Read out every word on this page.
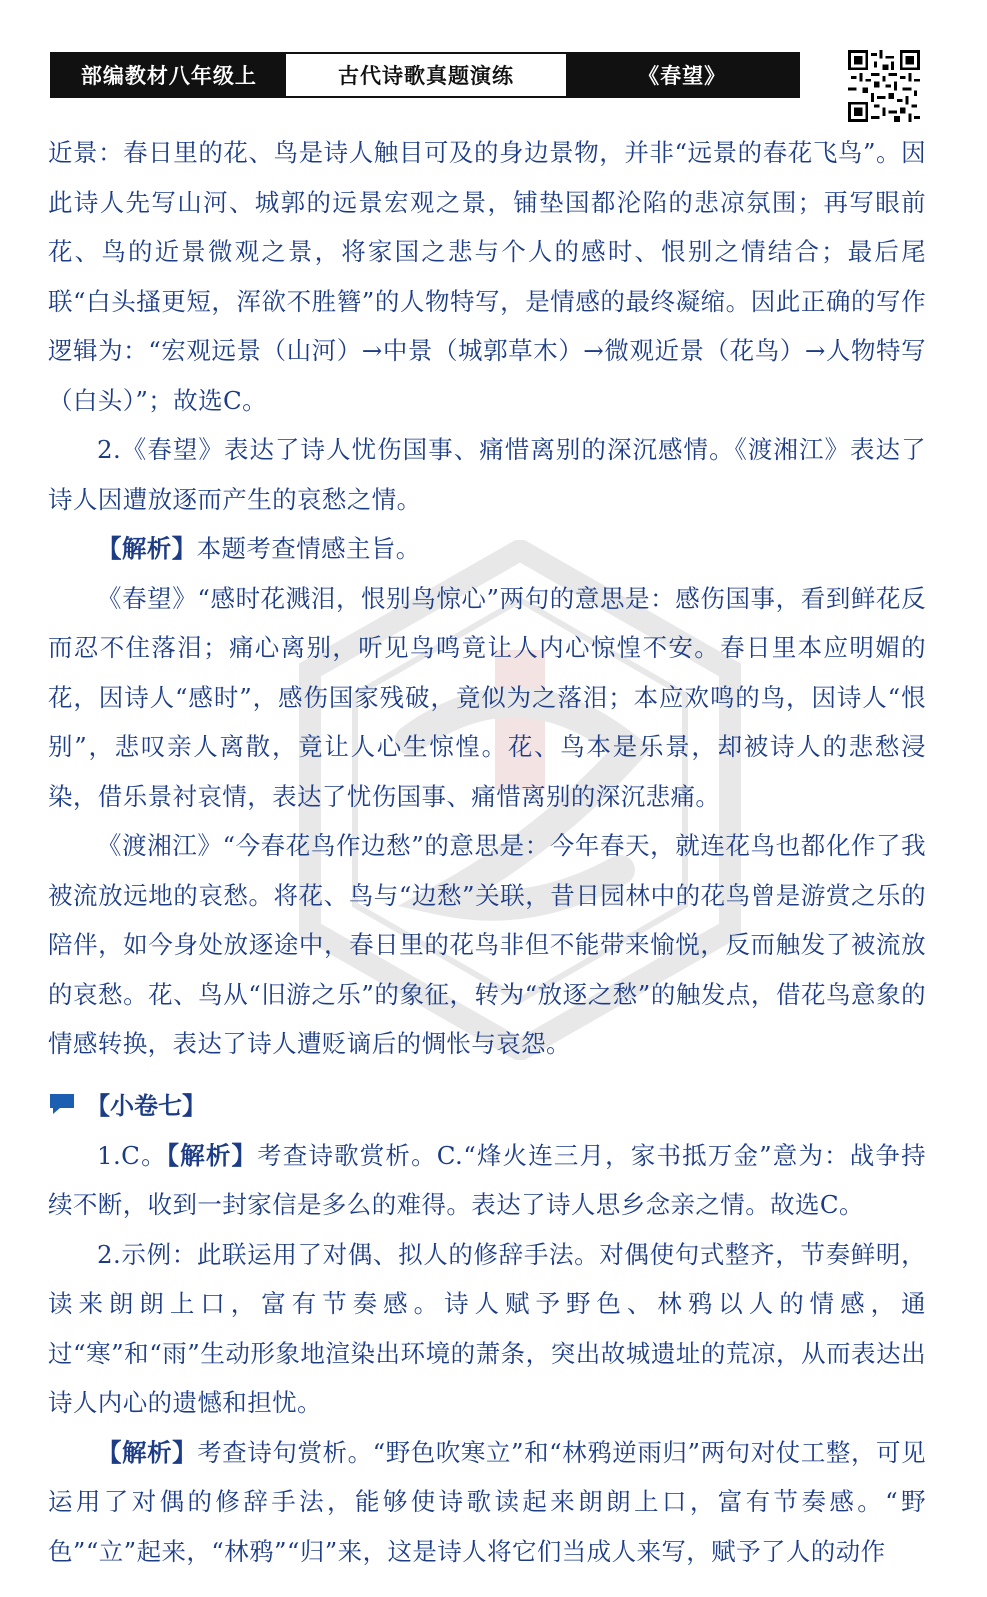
部编教材八年级上	古代诗歌真题演练	《春望》

近景：春日里的花、鸟是诗人触目可及的身边景物，并非“远景的春花飞鸟”。因此诗人先写山河、城郭的远景宏观之景，铺垫国都沦陷的悲凉氛围；再写眼前花、鸟的近景微观之景，将家国之悲与个人的感时、恨别之情结合；最后尾联“白头搔更短，浑欲不胜簪”的人物特写，是情感的最终凝缩。因此正确的写作逻辑为：“宏观远景（山河）→中景（城郭草木）→微观近景（花鸟）→人物特写（白头）”；故选C。

2.《春望》表达了诗人忧伤国事、痛惜离别的深沉感情。《渡湘江》表达了诗人因遭放逐而产生的哀愁之情。

【解析】本题考查情感主旨。

《春望》“感时花溅泪，恨别鸟惊心”两句的意思是：感伤国事，看到鲜花反而忍不住落泪；痛心离别，听见鸟鸣竟让人内心惊惶不安。春日里本应明媚的花，因诗人“感时”，感伤国家残破，竟似为之落泪；本应欢鸣的鸟，因诗人“恨别”，悲叹亲人离散，竟让人心生惊惶。花、鸟本是乐景，却被诗人的悲愁浸染，借乐景衬哀情，表达了忧伤国事、痛惜离别的深沉悲痛。

《渡湘江》“今春花鸟作边愁”的意思是：今年春天，就连花鸟也都化作了我被流放远地的哀愁。将花、鸟与“边愁”关联，昔日园林中的花鸟曾是游赏之乐的陪伴，如今身处放逐途中，春日里的花鸟非但不能带来愉悦，反而触发了被流放的哀愁。花、鸟从“旧游之乐”的象征，转为“放逐之愁”的触发点，借花鸟意象的情感转换，表达了诗人遭贬谪后的惆怅与哀怨。

【小卷七】

1.C。【解析】考查诗歌赏析。C.“烽火连三月，家书抵万金”意为：战争持续不断，收到一封家信是多么的难得。表达了诗人思乡念亲之情。故选C。

2.示例：此联运用了对偶、拟人的修辞手法。对偶使句式整齐，节奏鲜明，读来朗朗上口，富有节奏感。诗人赋予野色、林鸦以人的情感，通过“寒”和“雨”生动形象地渲染出环境的萧条，突出故城遗址的荒凉，从而表达出诗人内心的遗憾和担忧。

【解析】考查诗句赏析。“野色吹寒立”和“林鸦逆雨归”两句对仗工整，可见运用了对偶的修辞手法，能够使诗歌读起来朗朗上口，富有节奏感。“野色”“立”起来，“林鸦”“归”来，这是诗人将它们当成人来写，赋予了人的动作
